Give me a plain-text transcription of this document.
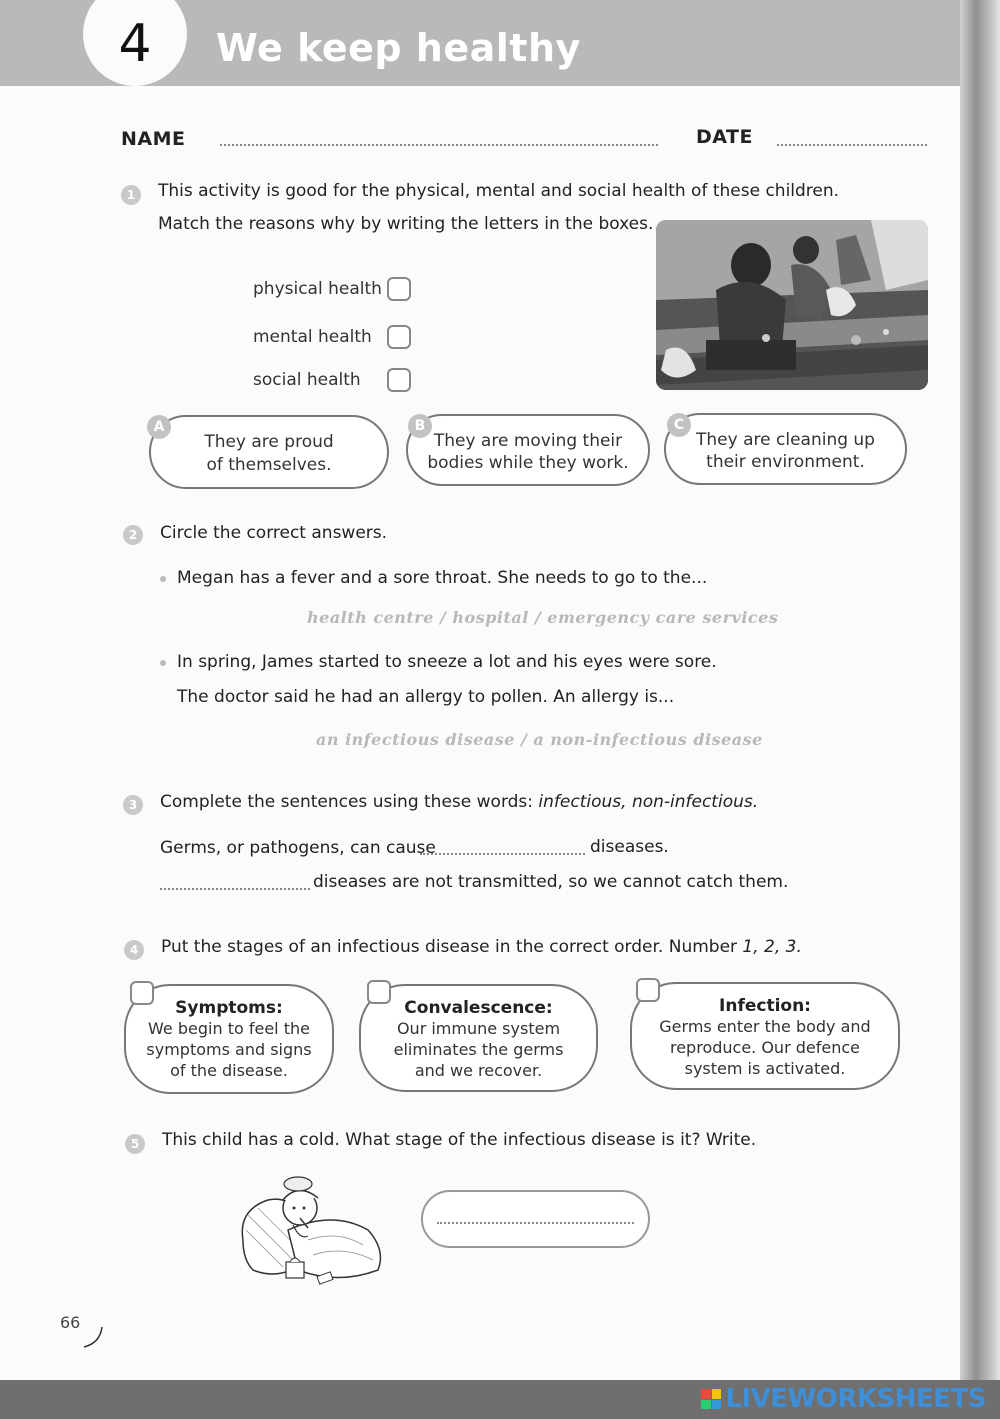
4	We keep healthy
NAME	DATE
1	This activity is good for the physical, mental and social health of these children.
Match the reasons why by writing the letters in the boxes.
physical health
mental health
social health
They are proud
of themselves.
A
They are moving their
bodies while they work.
B
They are cleaning up
their environment.
C
2	Circle the correct answers.
Megan has a fever and a sore throat. She needs to go to the...
health centre / hospital / emergency care services
In spring, James started to sneeze a lot and his eyes were sore.
The doctor said he had an allergy to pollen. An allergy is...
an infectious disease / a non-infectious disease
3	Complete the sentences using these words: infectious, non-infectious.
Germs, or pathogens, can cause	diseases.
diseases are not transmitted, so we cannot catch them.
4	Put the stages of an infectious disease in the correct order. Number 1, 2, 3.
Symptoms:
We begin to feel the
symptoms and signs
of the disease.
Convalescence:
Our immune system
eliminates the germs
and we recover.
Infection:
Germs enter the body and
reproduce. Our defence
system is activated.
5	This child has a cold. What stage of the infectious disease is it? Write.
66
LIVEWORKSHEETS
